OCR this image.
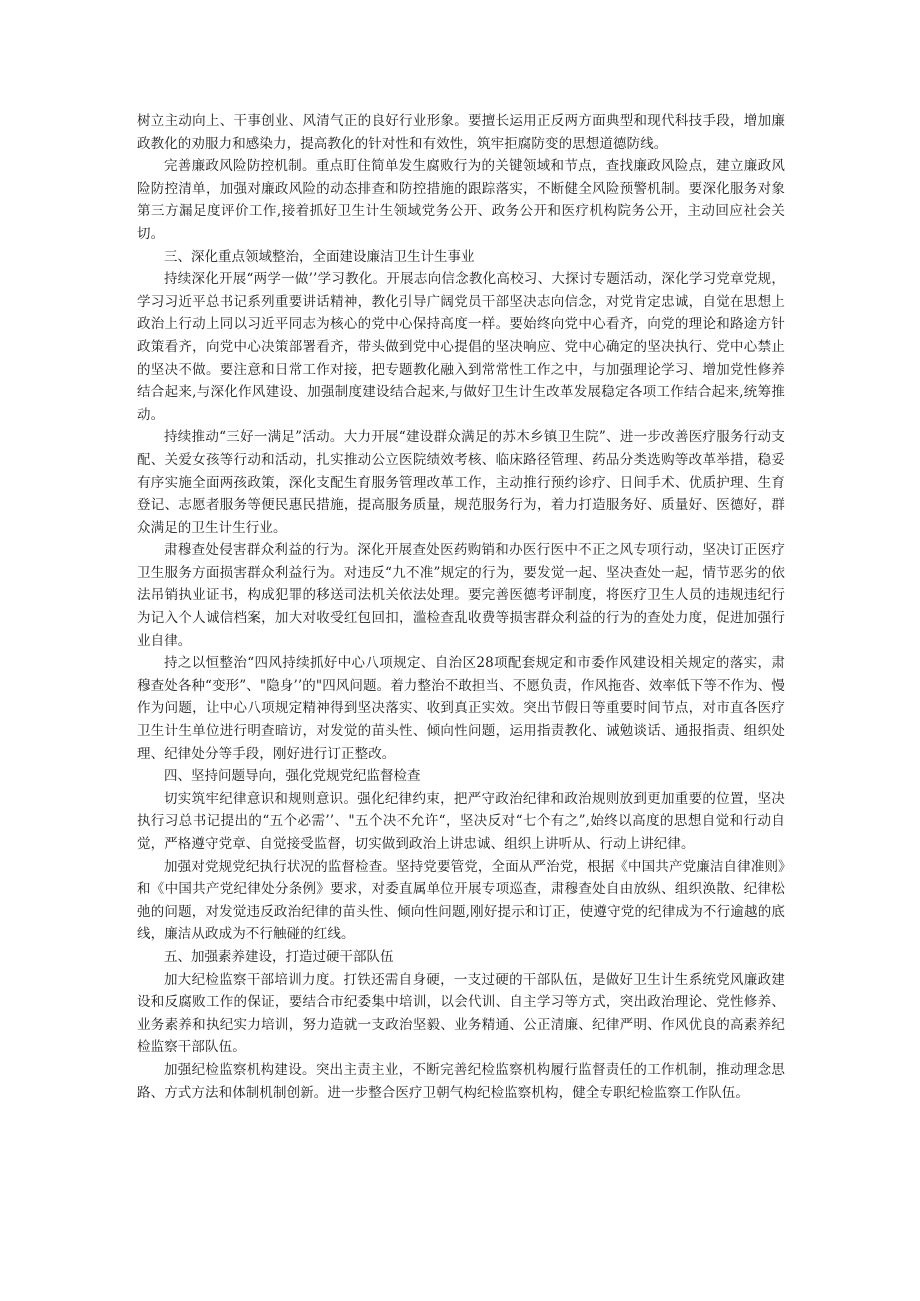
树立主动向上、干事创业、风清气正的良好行业形象。要擅长运用正反两方面典型和现代科技手段，增加廉政教化的劝服力和感染力，提高教化的针对性和有效性，筑牢拒腐防变的思想道德防线。

完善廉政风险防控机制。重点盯住简单发生腐败行为的关键领域和节点，查找廉政风险点，建立廉政风险防控清单，加强对廉政风险的动态排查和防控措施的跟踪落实，不断健全风险预警机制。要深化服务对象第三方漏足度评价工作,接着抓好卫生计生领域党务公开、政务公开和医疗机构院务公开，主动回应社会关切。

三、深化重点领域整治，全面建设廉洁卫生计生事业

持续深化开展“两学一做’’学习教化。开展志向信念教化高校习、大探讨专题活动，深化学习党章党规，学习习近平总书记系列重要讲话精神，教化引导广阔党员干部坚决志向信念，对党肯定忠诚，自觉在思想上政治上行动上同以习近平同志为核心的党中心保持高度一样。要始终向党中心看齐，向党的理论和路途方针政策看齐，向党中心决策部署看齐，带头做到党中心提倡的坚决响应、党中心确定的坚决执行、党中心禁止的坚决不做。要注意和日常工作对接，把专题教化融入到常常性工作之中，与加强理论学习、增加党性修养结合起来,与深化作风建设、加强制度建设结合起来,与做好卫生计生改革发展稳定各项工作结合起来,统筹推动。

持续推动“三好一满足”活动。大力开展“建设群众满足的苏木乡镇卫生院”、进一步改善医疗服务行动支配、关爱女孩等行动和活动，扎实推动公立医院绩效考核、临床路径管理、药品分类选购等改革举措，稳妥有序实施全面两孩政策，深化支配生育服务管理改革工作，主动推行预约诊疗、日间手术、优质护理、生育登记、志愿者服务等便民惠民措施，提高服务质量，规范服务行为，着力打造服务好、质量好、医德好，群众满足的卫生计生行业。

肃穆查处侵害群众利益的行为。深化开展查处医药购销和办医行医中不正之风专项行动，坚决订正医疗卫生服务方面损害群众利益行为。对违反“九不准”规定的行为，要发觉一起、坚决查处一起，情节恶劣的依法吊销执业证书，构成犯罪的移送司法机关依法处理。要完善医德考评制度，将医疗卫生人员的违规违纪行为记入个人诚信档案，加大对收受红包回扣，滥检查乱收费等损害群众利益的行为的查处力度，促进加强行业自律。

持之以恒整治“四风持续抓好中心八项规定、自治区28项配套规定和市委作风建设相关规定的落实，肃穆查处各种“变形”、"隐身’’的"四风问题。着力整治不敢担当、不愿负责，作风拖沓、效率低下等不作为、慢作为问题，让中心八项规定精神得到坚决落实、收到真正实效。突出节假日等重要时间节点，对市直各医疗卫生计生单位进行明查暗访，对发觉的苗头性、倾向性问题，运用指责教化、诫勉谈话、通报指责、组织处理、纪律处分等手段，刚好进行订正整改。

四、坚持问题导向，强化党规党纪监督检查

切实筑牢纪律意识和规则意识。强化纪律约束，把严守政治纪律和政治规则放到更加重要的位置，坚决执行习总书记提出的“五个必需’’、"五个决不允许“，坚决反对“七个有之”,始终以高度的思想自觉和行动自觉，严格遵守党章、自觉接受监督，切实做到政治上讲忠诚、组织上讲听从、行动上讲纪律。

加强对党规党纪执行状况的监督检查。坚持党要管党，全面从严治党，根据《中国共产党廉洁自律准则》和《中国共产党纪律处分条例》要求，对委直属单位开展专项巡查，肃穆查处自由放纵、组织涣散、纪律松弛的问题，对发觉违反政治纪律的苗头性、倾向性问题,刚好提示和订正，使遵守党的纪律成为不行逾越的底线，廉洁从政成为不行触碰的红线。

五、加强素养建设，打造过硬干部队伍

加大纪检监察干部培训力度。打铁还需自身硬，一支过硬的干部队伍，是做好卫生计生系统党风廉政建设和反腐败工作的保证，要结合市纪委集中培训，以会代训、自主学习等方式，突出政治理论、党性修养、业务素养和执纪实力培训，努力造就一支政治坚毅、业务精通、公正清廉、纪律严明、作风优良的高素养纪检监察干部队伍。

加强纪检监察机构建设。突出主责主业，不断完善纪检监察机构履行监督责任的工作机制，推动理念思路、方式方法和体制机制创新。进一步整合医疗卫朝气构纪检监察机构，健全专职纪检监察工作队伍。
